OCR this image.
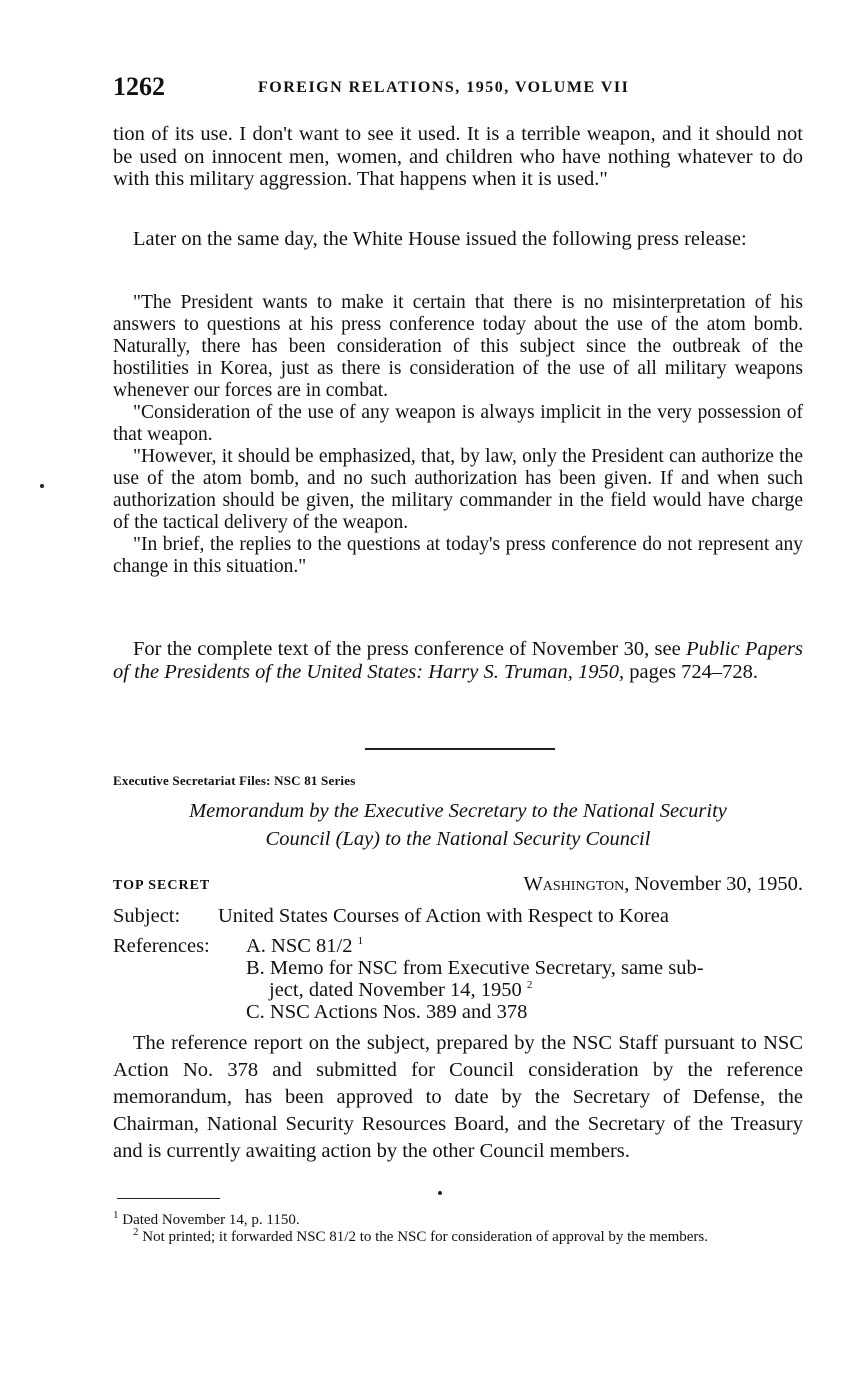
1262	FOREIGN RELATIONS, 1950, VOLUME VII
tion of its use. I don't want to see it used. It is a terrible weapon, and it should not be used on innocent men, women, and children who have nothing whatever to do with this military aggression. That happens when it is used."
Later on the same day, the White House issued the following press release:

"The President wants to make it certain that there is no misinterpretation of his answers to questions at his press conference today about the use of the atom bomb. Naturally, there has been consideration of this subject since the outbreak of the hostilities in Korea, just as there is consideration of the use of all military weapons whenever our forces are in combat.

"Consideration of the use of any weapon is always implicit in the very possession of that weapon.

"However, it should be emphasized, that, by law, only the President can authorize the use of the atom bomb, and no such authorization has been given. If and when such authorization should be given, the military commander in the field would have charge of the tactical delivery of the weapon.

"In brief, the replies to the questions at today's press conference do not represent any change in this situation."

For the complete text of the press conference of November 30, see Public Papers of the Presidents of the United States: Harry S. Truman, 1950, pages 724–728.
Executive Secretariat Files: NSC 81 Series
Memorandum by the Executive Secretary to the National Security
Council (Lay) to the National Security Council
TOP SECRET	Washington, November 30, 1950.
Subject: United States Courses of Action with Respect to Korea
References: A. NSC 81/2 $^1$
B. Memo for NSC from Executive Secretary, same sub-
ject, dated November 14, 1950 $^2$
C. NSC Actions Nos. 389 and 378
The reference report on the subject, prepared by the NSC Staff pursuant to NSC Action No. 378 and submitted for Council consideration by the reference memorandum, has been approved to date by the Secretary of Defense, the Chairman, National Security Resources Board, and the Secretary of the Treasury and is currently awaiting action by the other Council members.
$^1$ Dated November 14, p. 1150.
$^2$ Not printed; it forwarded NSC 81/2 to the NSC for consideration of approval by the members.
